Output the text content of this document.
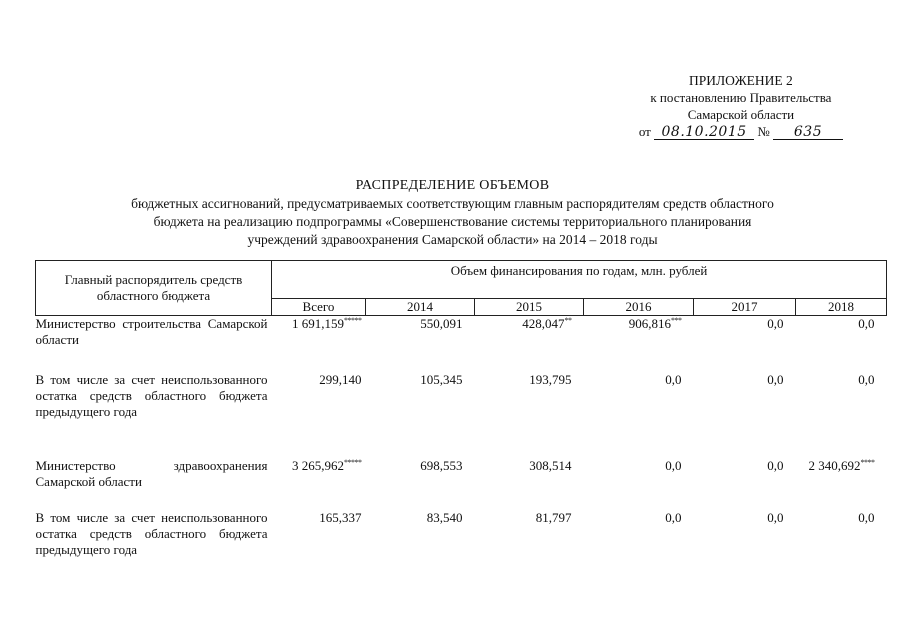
ПРИЛОЖЕНИЕ 2
к постановлению Правительства
Самарской области
от 08.10.2015 № 635
РАСПРЕДЕЛЕНИЕ ОБЪЕМОВ
бюджетных ассигнований, предусматриваемых соответствующим главным распорядителям средств областного
бюджета на реализацию подпрограммы «Совершенствование системы территориального планирования
учреждений здравоохранения Самарской области» на 2014 – 2018 годы
Главный распорядитель средств областного бюджета	Объем финансирования по годам, млн. рублей					
	Всего	2014	2015	2016	2017	2018
Министерство строительства Самарской области	1 691,159*****	550,091	428,047**	906,816***	0,0	0,0
В том числе за счет неиспользованного остатка средств областного бюджета предыдущего года	299,140	105,345	193,795	0,0	0,0	0,0
Министерство здравоохранения Самарской области	3 265,962*****	698,553	308,514	0,0	0,0	2 340,692****
В том числе за счет неиспользованного остатка средств областного бюджета предыдущего года	165,337	83,540	81,797	0,0	0,0	0,0
